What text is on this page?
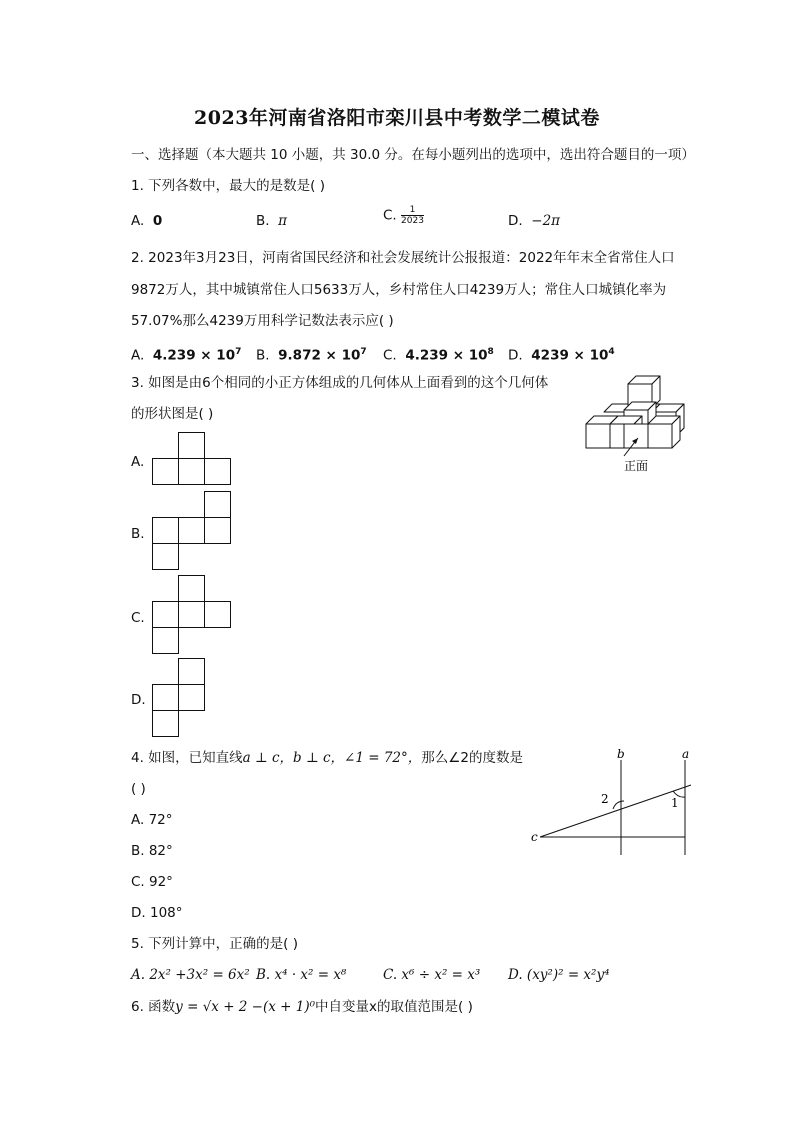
2023年河南省洛阳市栾川县中考数学二模试卷
一、选择题（本大题共 10 小题，共 30.0 分。在每小题列出的选项中，选出符合题目的一项）
1. 下列各数中，最大的是数是( )
A. 0	B. π	C. $\frac{1}{2023}$	D. −2π
2. 2023年3月23日，河南省国民经济和社会发展统计公报报道：2022年年末全省常住人口
9872万人，其中城镇常住人口5633万人，乡村常住人口4239万人；常住人口城镇化率为
57.07%那么4239万用科学记数法表示应( )
A. $4.239 \times 10^7$ B. $9.872 \times 10^7$ C. $4.239 \times 10^8$ D. $4239 \times 10^4$
3. 如图是由6个相同的小正方体组成的几何体从上面看到的这个几何体
的形状图是( )
正面
A.
B.
C.
D.
4. 如图，已知直线a ⊥ c，b ⊥ c，∠1 = 72°，那么∠2的度数是
( )
A. 72°
B. 82°
C. 92°
D. 108°
b	a
c
1
2
5. 下列计算中，正确的是( )
A. 2x² +3x² = 6x² B. x⁴ · x² = x⁸	C. x⁶ ÷ x² = x³ D. (xy²)² = x²y⁴
6. 函数y = √x + 2 −(x + 1)⁰中自变量x的取值范围是( )
